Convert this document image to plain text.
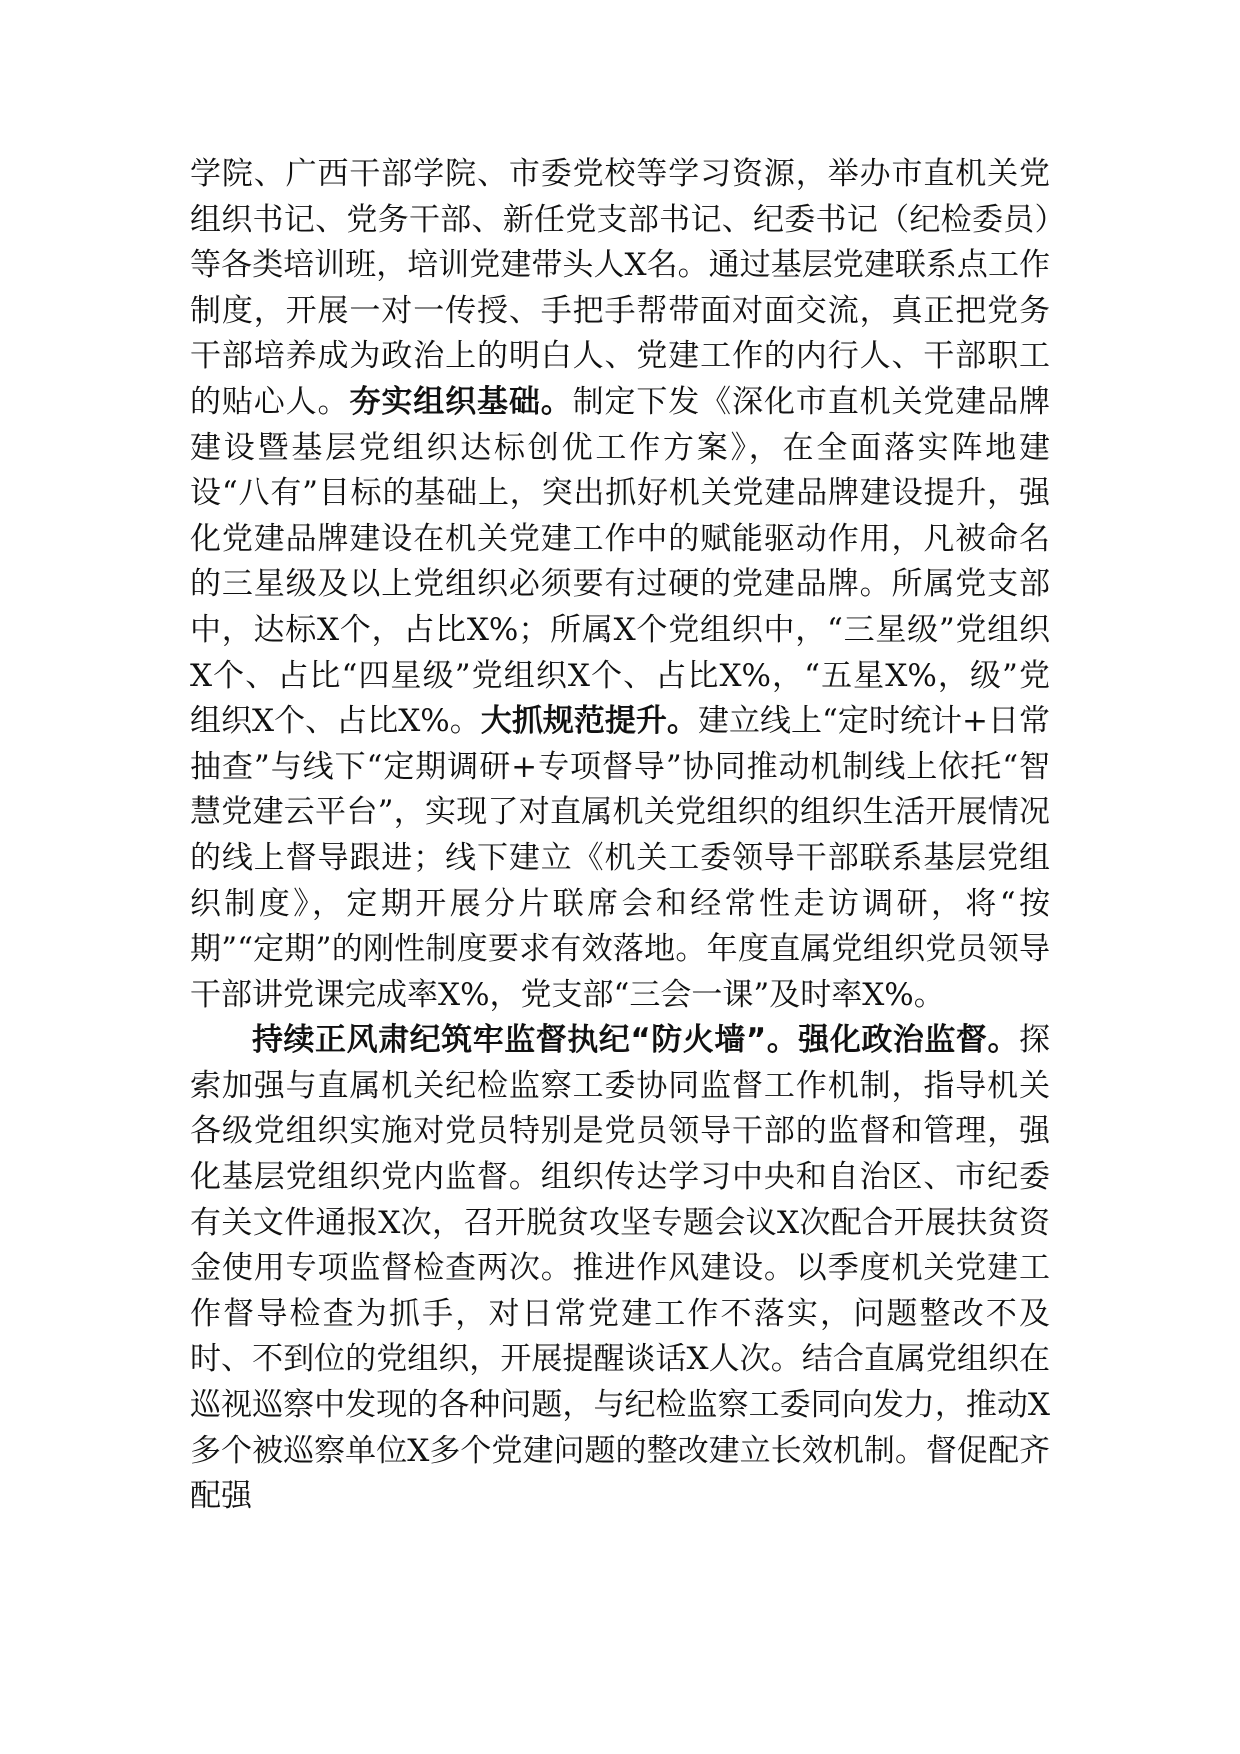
学院、广西干部学院、市委党校等学习资源，举办市直机关党组织书记、党务干部、新任党支部书记、纪委书记（纪检委员）等各类培训班，培训党建带头人X名。通过基层党建联系点工作制度，开展一对一传授、手把手帮带面对面交流，真正把党务干部培养成为政治上的明白人、党建工作的内行人、干部职工的贴心人。夯实组织基础。制定下发《深化市直机关党建品牌建设暨基层党组织达标创优工作方案》，在全面落实阵地建设“八有”目标的基础上，突出抓好机关党建品牌建设提升，强化党建品牌建设在机关党建工作中的赋能驱动作用，凡被命名的三星级及以上党组织必须要有过硬的党建品牌。所属党支部中，达标X个，占比X%；所属X个党组织中，“三星级”党组织X个、占比“四星级”党组织X个、占比X%，“五星X%，级”党组织X个、占比X%。大抓规范提升。建立线上“定时统计+日常抽查”与线下“定期调研+专项督导”协同推动机制线上依托“智慧党建云平台”，实现了对直属机关党组织的组织生活开展情况的线上督导跟进；线下建立《机关工委领导干部联系基层党组织制度》，定期开展分片联席会和经常性走访调研，将“按期”“定期”的刚性制度要求有效落地。年度直属党组织党员领导干部讲党课完成率X%，党支部“三会一课”及时率X%。

持续正风肃纪筑牢监督执纪“防火墙”。强化政治监督。探索加强与直属机关纪检监察工委协同监督工作机制，指导机关各级党组织实施对党员特别是党员领导干部的监督和管理，强化基层党组织党内监督。组织传达学习中央和自治区、市纪委有关文件通报X次，召开脱贫攻坚专题会议X次配合开展扶贫资金使用专项监督检查两次。推进作风建设。以季度机关党建工作督导检查为抓手，对日常党建工作不落实，问题整改不及时、不到位的党组织，开展提醒谈话X人次。结合直属党组织在巡视巡察中发现的各种问题，与纪检监察工委同向发力，推动X多个被巡察单位X多个党建问题的整改建立长效机制。督促配齐配强
